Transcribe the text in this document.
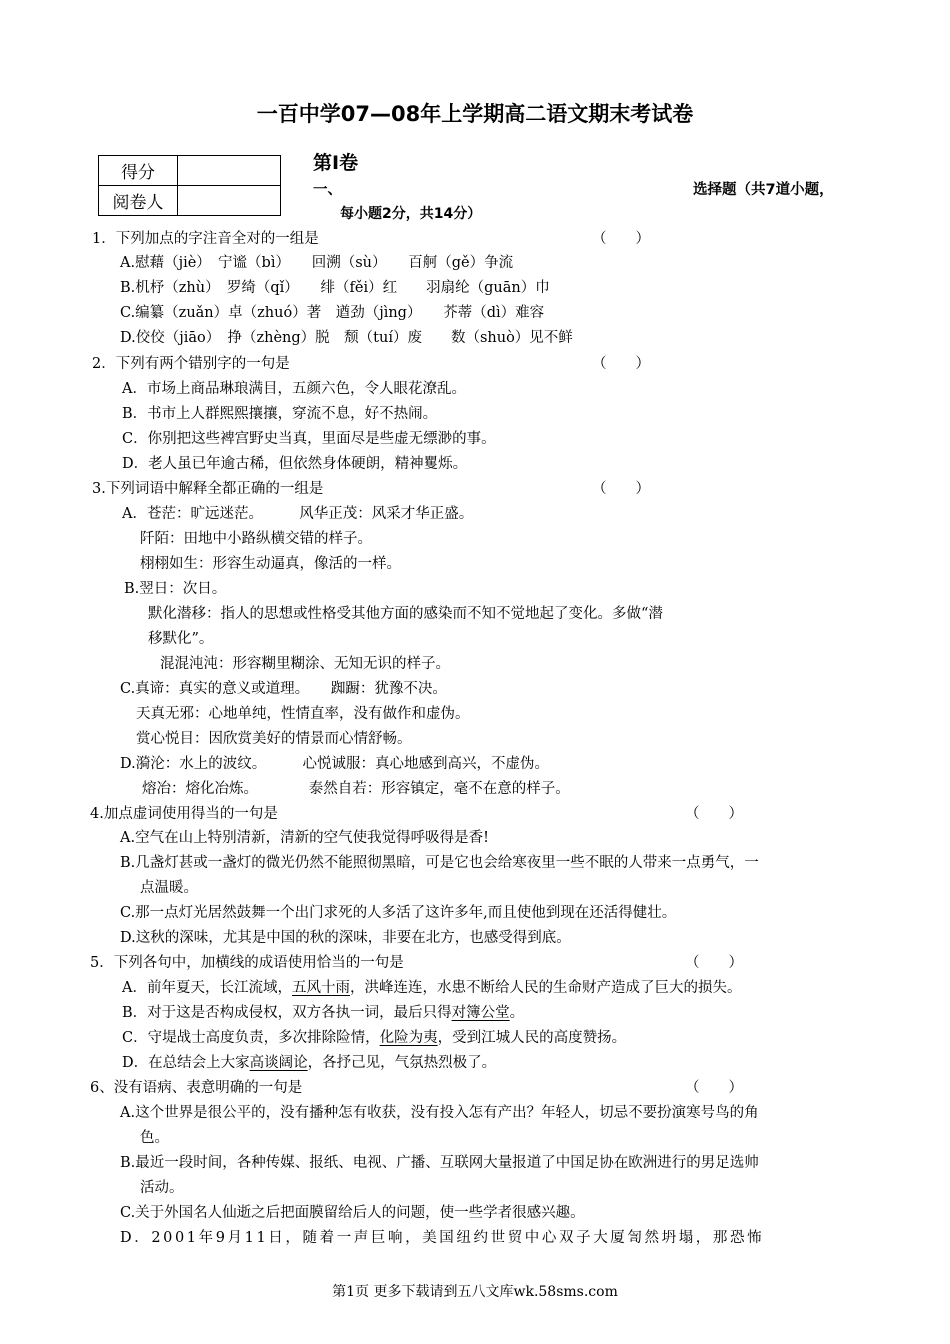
一百中学07—08年上学期高二语文期末考试卷
得分	
阅卷人	
第Ⅰ卷
一、	选择题（共7道小题，
每小题2分，共14分）
1．下列加点的字注音全对的一组是	（　　）
A.慰藉（jiè）　宁谧（bì）　　回溯（sù）　　百舸（gě）争流
B.机杼（zhù）　罗绮（qǐ）　　绯（fěi）红　　羽扇纶（guān）巾
C.编纂（zuǎn）卓（zhuó）著　遒劲（jìng）　　芥蒂（dì）难容
D.佼佼（jiāo）　挣（zhèng）脱　颓（tuí）废　　数（shuò）见不鲜
2．下列有两个错别字的一句是	（　　）
A．市场上商品琳琅满目，五颜六色，令人眼花潦乱。
B．书市上人群熙熙攘攘，穿流不息，好不热闹。
C．你别把这些裨宫野史当真，里面尽是些虚无缥渺的事。
D．老人虽已年逾古稀，但依然身体硬朗，精神矍烁。
3.下列词语中解释全都正确的一组是	（　　）
A．苍茫：旷远迷茫。　　　风华正茂：风采才华正盛。
阡陌：田地中小路纵横交错的样子。
栩栩如生：形容生动逼真，像活的一样。
B.翌日：次日。
默化潜移：指人的思想或性格受其他方面的感染而不知不觉地起了变化。多做“潜
移默化”。
混混沌沌：形容糊里糊涂、无知无识的样子。
C.真谛：真实的意义或道理。　　踟蹰：犹豫不决。
天真无邪：心地单纯，性情直率，没有做作和虚伪。
赏心悦目：因欣赏美好的情景而心情舒畅。
D.漪沦：水上的波纹。　　　心悦诚服：真心地感到高兴，不虚伪。
熔冶：熔化冶炼。　　　　泰然自若：形容镇定，毫不在意的样子。
4.加点虚词使用得当的一句是	（　　）
A.空气在山上特别清新，清新的空气使我觉得呼吸得是香!
B.几盏灯甚或一盏灯的微光仍然不能照彻黑暗，可是它也会给寒夜里一些不眠的人带来一点勇气，一
点温暖。
C.那一点灯光居然鼓舞一个出门求死的人多活了这许多年,而且使他到现在还活得健壮。
D.这秋的深味，尤其是中国的秋的深味，非要在北方，也感受得到底。
5．下列各句中，加横线的成语使用恰当的一句是	（　　）
A．前年夏天，长江流域，五风十雨，洪峰连连，水患不断给人民的生命财产造成了巨大的损失。
B．对于这是否构成侵权，双方各执一词，最后只得对簿公堂。
C．守堤战士高度负责，多次排除险情，化险为夷，受到江城人民的高度赞扬。
D．在总结会上大家高谈阔论，各抒己见，气氛热烈极了。
6、没有语病、表意明确的一句是	（　　）
A.这个世界是很公平的，没有播种怎有收获，没有投入怎有产出？年轻人，切忌不要扮演寒号鸟的角
色。
B.最近一段时间，各种传媒、报纸、电视、广播、互联网大量报道了中国足协在欧洲进行的男足选帅
活动。
C.关于外国名人仙逝之后把面膜留给后人的问题，使一些学者很感兴趣。
D．2001年9月11日，随着一声巨响，美国纽约世贸中心双子大厦訇然坍塌，那恐怖
第1页 更多下载请到五八文库wk.58sms.com
